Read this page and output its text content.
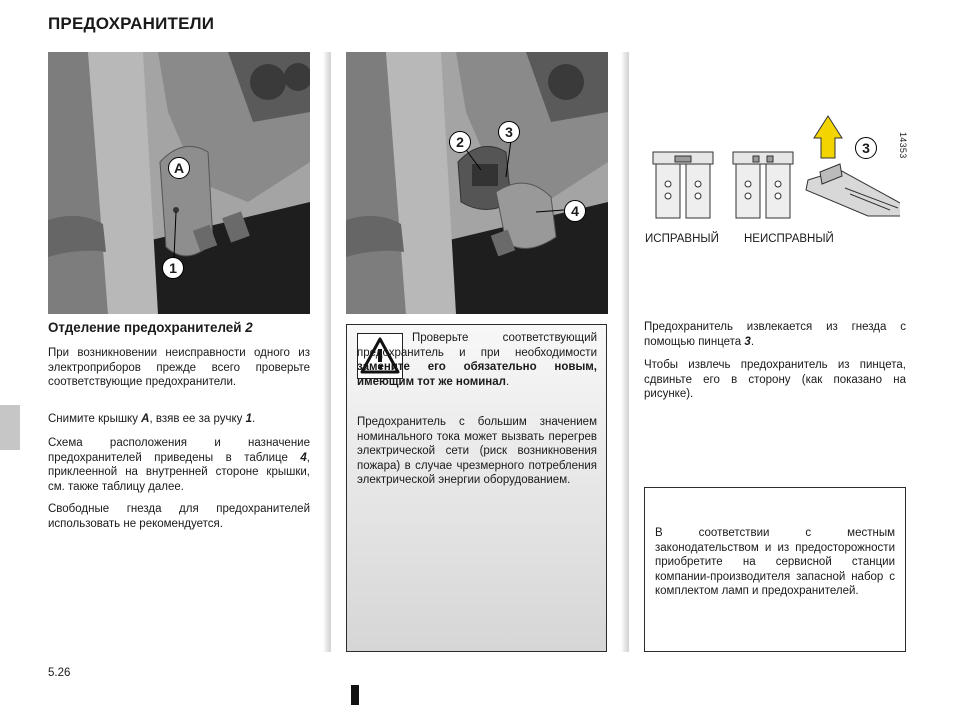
ПРЕДОХРАНИТЕЛИ
A
1
2
3
4
14353
3
ИСПРАВНЫЙ НЕИСПРАВНЫЙ
Отделение предохранителей 2
При возникновении неисправности одного из электроприборов прежде всего проверьте соответствующие предохранители.
Снимите крышку A, взяв ее за ручку 1.
Схема расположения и назначение предохранителей приведены в таблице 4, приклеенной на внутренней стороне крышки, см. также таблицу далее.
Свободные гнезда для предохранителей использовать не рекомендуется.
Проверьте соответствующий предохранитель и при необходимости замените его обязательно новым, имеющим тот же номинал.
Предохранитель с большим значением номинального тока может вызвать перегрев электрической сети (риск возникновения пожара) в случае чрезмерного потребления электрической энергии оборудованием.
Предохранитель извлекается из гнезда с помощью пинцета 3.
Чтобы извлечь предохранитель из пинцета, сдвиньте его в сторону (как показано на рисунке).
В соответствии с местным законодательством и из предосторожности приобретите на сервисной станции компании-производителя запасной набор с комплектом ламп и предохранителей.
5.26
